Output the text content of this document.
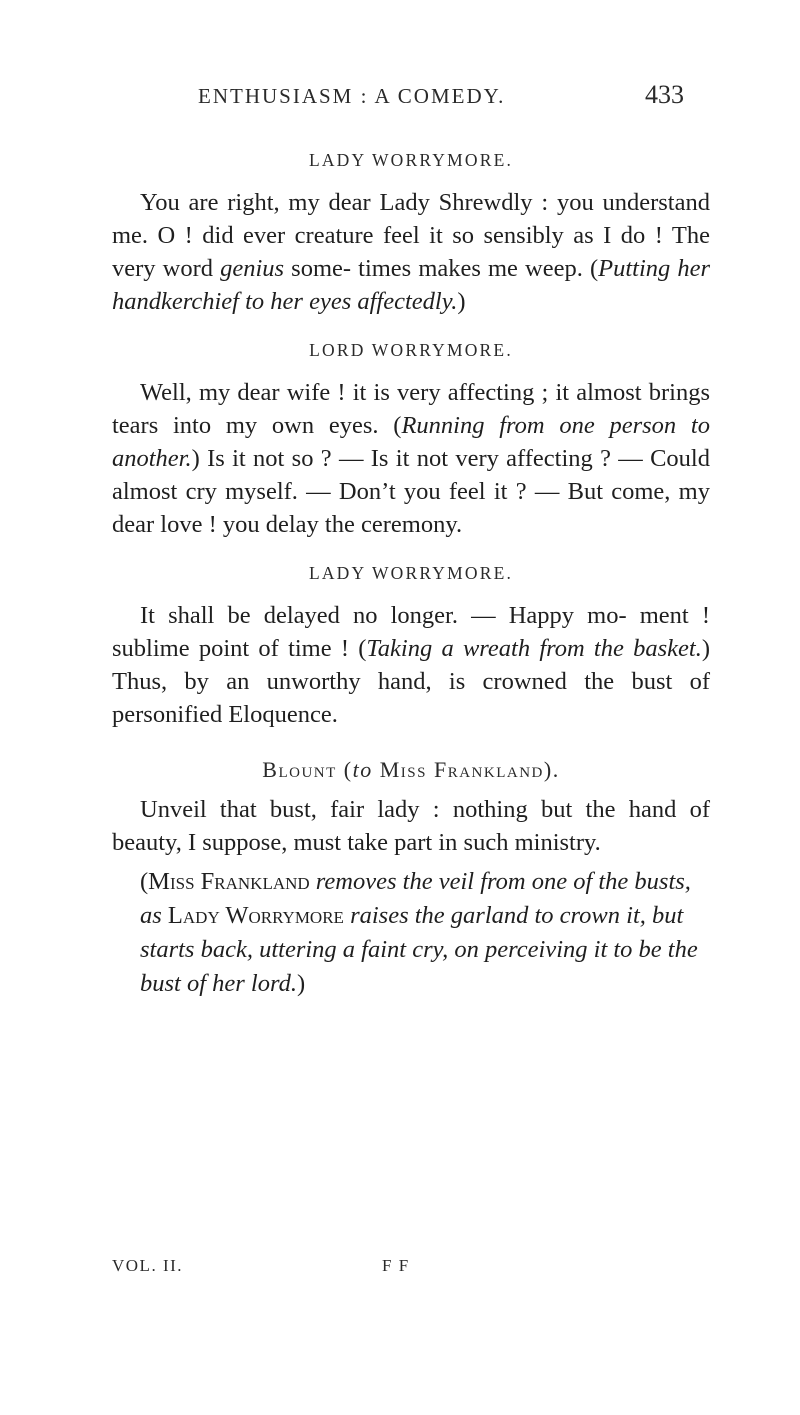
ENTHUSIASM : A COMEDY.	433
LADY WORRYMORE.

You are right, my dear Lady Shrewdly : you understand me. O ! did ever creature feel it so sensibly as I do ! The very word genius some- times makes me weep. (Putting her handkerchief to her eyes affectedly.)

LORD WORRYMORE.

Well, my dear wife ! it is very affecting ; it almost brings tears into my own eyes. (Running from one person to another.) Is it not so ? — Is it not very affecting ? — Could almost cry myself. — Don’t you feel it ? — But come, my dear love ! you delay the ceremony.

LADY WORRYMORE.

It shall be delayed no longer. — Happy mo- ment ! sublime point of time ! (Taking a wreath from the basket.) Thus, by an unworthy hand, is crowned the bust of personified Eloquence.

Blount (to Miss Frankland).

Unveil that bust, fair lady : nothing but the hand of beauty, I suppose, must take part in such ministry.

(Miss Frankland removes the veil from one of the busts, as Lady Worrymore raises the garland to crown it, but starts back, uttering a faint cry, on perceiving it to be the bust of her lord.)

VOL. II.	F F
